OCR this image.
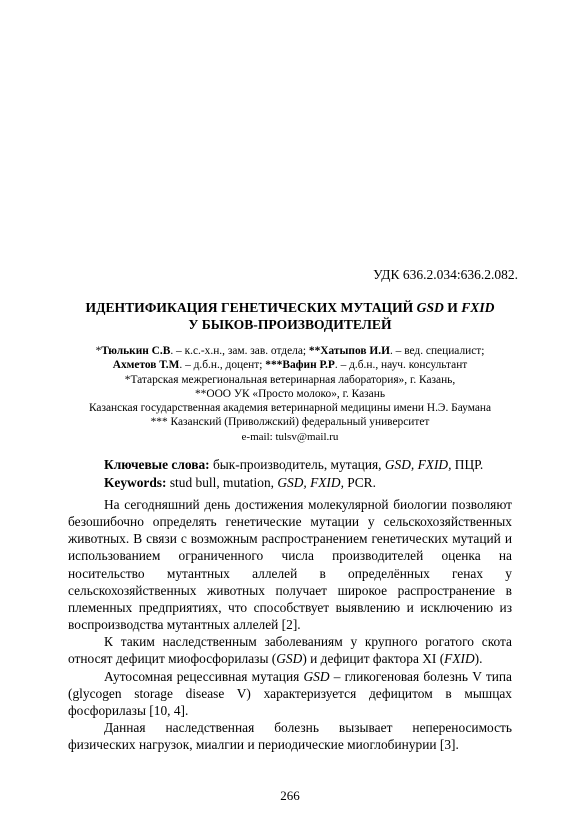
УДК 636.2.034:636.2.082.
ИДЕНТИФИКАЦИЯ ГЕНЕТИЧЕСКИХ МУТАЦИЙ GSD И FXID
У БЫКОВ-ПРОИЗВОДИТЕЛЕЙ
*Тюлькин С.В. – к.с.-х.н., зам. зав. отдела; **Хатыпов И.И. – вед. специалист;
Ахметов Т.М. – д.б.н., доцент; ***Вафин Р.Р. – д.б.н., науч. консультант
*Татарская межрегиональная ветеринарная лаборатория», г. Казань,
**ООО УК «Просто молоко», г. Казань
Казанская государственная академия ветеринарной медицины имени Н.Э. Баумана
*** Казанский (Приволжский) федеральный университет
e-mail: tulsv@mail.ru
Ключевые слова: бык-производитель, мутация, GSD, FXID, ПЦР.
Keywords: stud bull, mutation, GSD, FXID, PCR.

На сегодняшний день достижения молекулярной биологии позволяют безошибочно определять генетические мутации у сельскохозяйственных животных. В связи с возможным распространением генетических мутаций и использованием ограниченного числа производителей оценка на носительство мутантных аллелей в определённых генах у сельскохозяйственных животных получает широкое распространение в племенных предприятиях, что способствует выявлению и исключению из воспроизводства мутантных аллелей [2].

К таким наследственным заболеваниям у крупного рогатого скота относят дефицит миофосфорилазы (GSD) и дефицит фактора XI (FXID).

Аутосомная рецессивная мутация GSD – гликогеновая болезнь V типа (glycogen storage disease V) характеризуется дефицитом в мышцах фосфорилазы [10, 4].

Данная наследственная болезнь вызывает непереносимость физических нагрузок, миалгии и периодические миоглобинурии [3].

266
